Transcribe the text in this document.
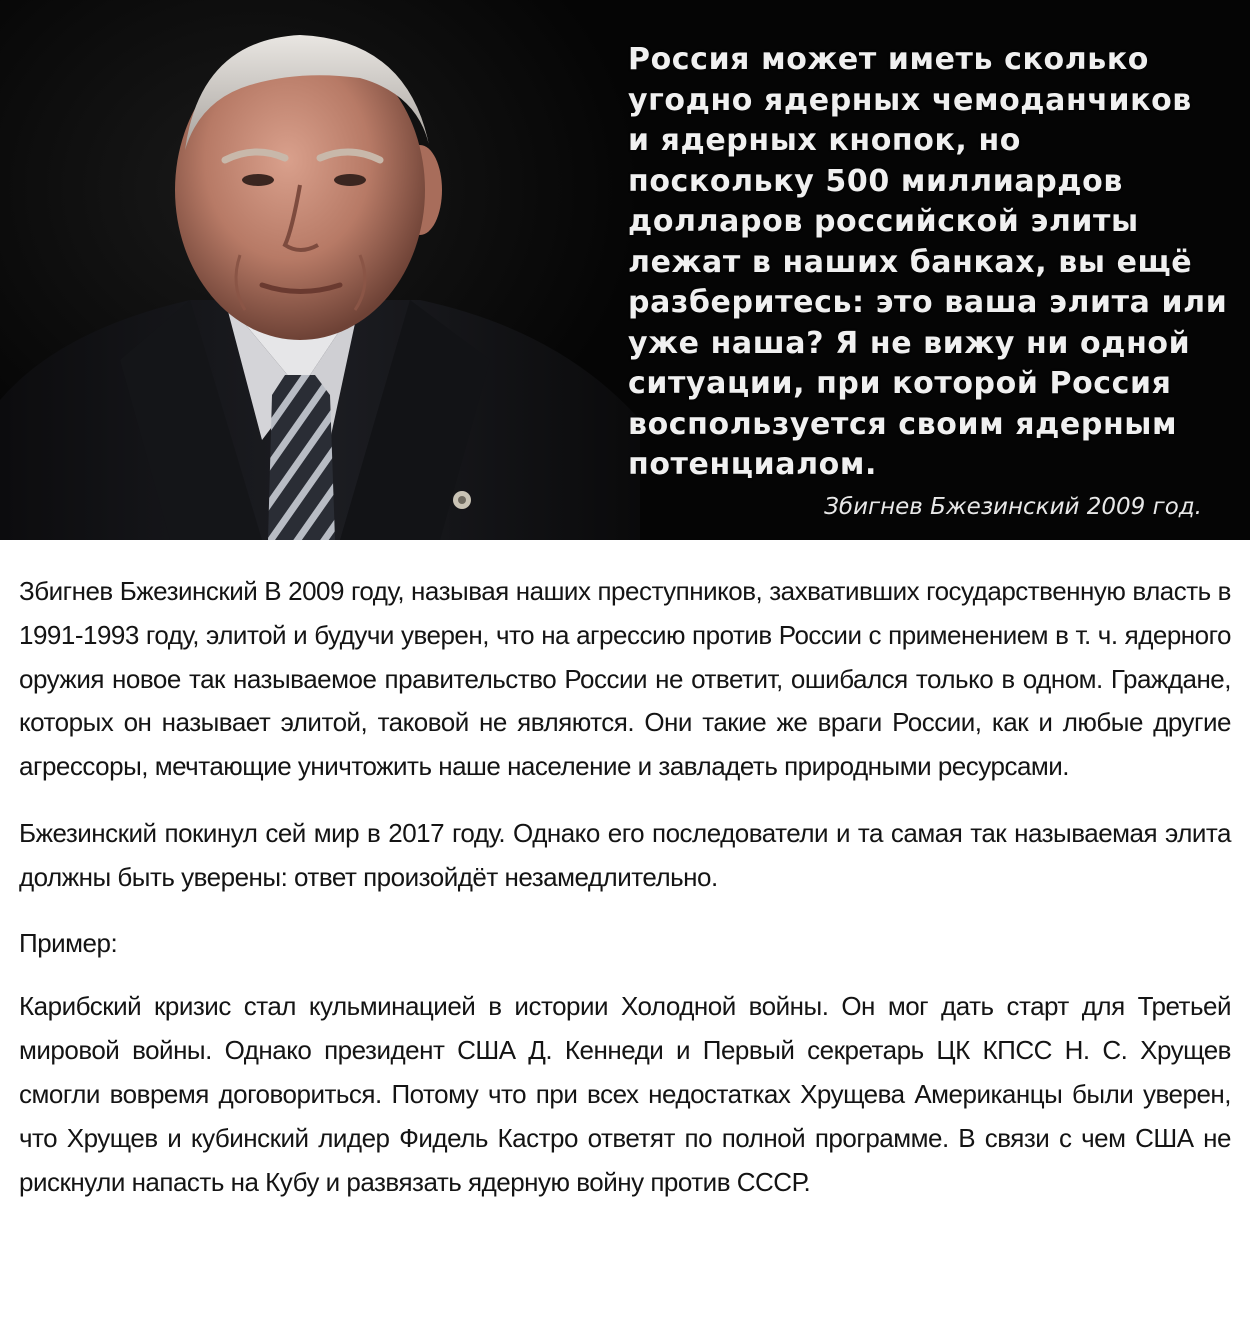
Россия может иметь сколько
угодно ядерных чемоданчиков
и ядерных кнопок, но
поскольку 500 миллиардов
долларов российской элиты
лежат в наших банках, вы ещё
разберитесь: это ваша элита или
уже наша? Я не вижу ни одной
ситуации, при которой Россия
воспользуется своим ядерным
потенциалом.

Збигнев Бжезинский 2009 год.

Збигнев Бжезинский В 2009 году, называя наших преступников, захвативших государственную власть в 1991-1993 году, элитой и будучи уверен, что на агрессию против России с применением в т. ч. ядерного оружия новое так называемое правительство России не ответит, ошибался только в одном. Граждане, которых он называет элитой, таковой не являются. Они такие же враги России, как и любые другие агрессоры, мечтающие уничтожить наше население и завладеть природными ресурсами.

Бжезинский покинул сей мир в 2017 году. Однако его последователи и та самая так называемая элита должны быть уверены: ответ произойдёт незамедлительно.

Пример:

Карибский кризис стал кульминацией в истории Холодной войны. Он мог дать старт для Третьей мировой войны. Однако президент США Д. Кеннеди и Первый секретарь ЦК КПСС Н. С. Хрущев смогли вовремя договориться. Потому что при всех недостатках Хрущева Американцы были уверен, что Хрущев и кубинский лидер Фидель Кастро ответят по полной программе. В связи с чем США не рискнули напасть на Кубу и развязать ядерную войну против СССР.
